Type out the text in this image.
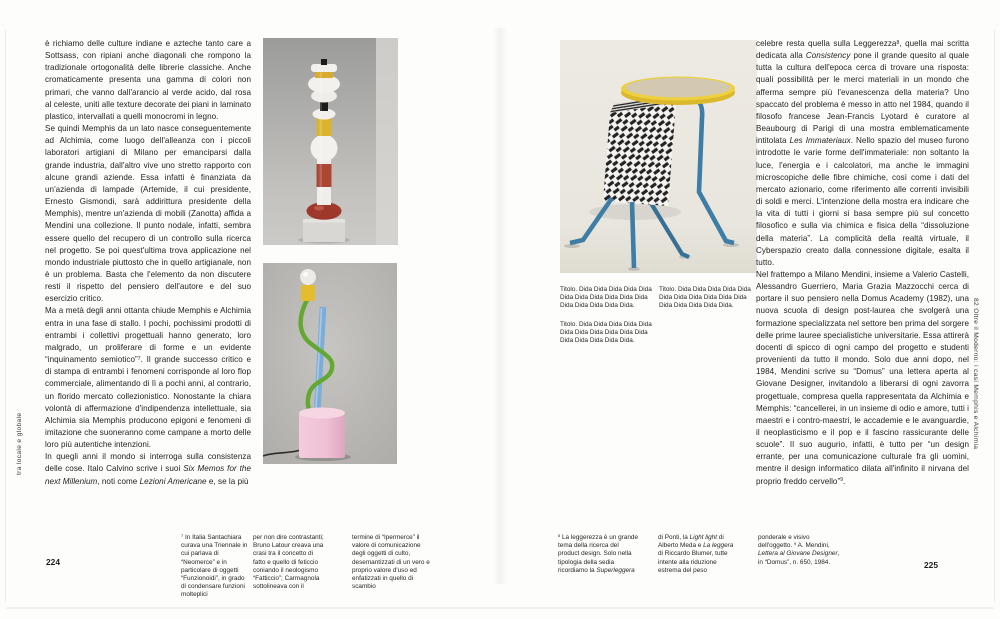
tra locale e globale

è richiamo delle culture indiane e azteche tanto care a Sottsass, con ripiani anche diagonali che rompono la tradizionale ortogonalità delle librerie classiche. Anche cromaticamente presenta una gamma di colori non primari, che vanno dall'arancio al verde acido, dal rosa al celeste, uniti alle texture decorate dei piani in laminato plastico, intervallati a quelli monocromi in legno.

Se quindi Memphis da un lato nasce conseguentemente ad Alchimia, come luogo dell'alleanza con i piccoli laboratori artigiani di Milano per emanciparsi dalla grande industria, dall'altro vive uno stretto rapporto con alcune grandi aziende. Essa infatti è finanziata da un'azienda di lampade (Artemide, il cui presidente, Ernesto Gismondi, sarà addirittura presidente della Memphis), mentre un'azienda di mobili (Zanotta) affida a Mendini una collezione. Il punto nodale, infatti, sembra essere quello del recupero di un controllo sulla ricerca nel progetto. Se poi quest'ultima trova applicazione nel mondo industriale piuttosto che in quello artigianale, non è un problema. Basta che l'elemento da non discutere resti il rispetto del pensiero dell'autore e del suo esercizio critico.

Ma a metà degli anni ottanta chiude Memphis e Alchimia entra in una fase di stallo. I pochi, pochissimi prodotti di entrambi i collettivi progettuali hanno generato, loro malgrado, un proliferare di forme e un evidente “inquinamento semiotico”$^7$. Il grande successo critico e di stampa di entrambi i fenomeni corrisponde al loro flop commerciale, alimentando di lì a pochi anni, al contrario, un florido mercato collezionistico. Nonostante la chiara volontà di affermazione d'indipendenza intellettuale, sia Alchimia sia Memphis producono epigoni e fenomeni di imitazione che suoneranno come campane a morto delle loro più autentiche intenzioni.

In quegli anni il mondo si interroga sulla consistenza delle cose. Italo Calvino scrive i suoi Six Memos for the next Millenium, noti come Lezioni Americane e, se la più

$^7$ In Italia Santachiara curava una Triennale in cui parlava di “Neomerce” e in particolare di oggetti “Funzionoidi”, in grado di condensare funzioni molteplici
per non dire contrastanti; Bruno Latour creava una crasi tra il concetto di fatto e quello di feticcio coniando il neologismo “Fatticcio”; Carmagnola sottolineava con il
termine di “Ipermerce” il valore di comunicazione degli oggetti di culto, desemantizzati di un vero e proprio valore d'uso ed enfatizzati in quello di scambio
224
Titolo. Dida Dida Dida Dida Dida Dida Dida Dida Dida Dida Dida Dida Dida Dida Dida Dida.
Titolo. Dida Dida Dida Dida Dida Dida Dida Dida Dida Dida Dida Dida Dida Dida Dida Dida.
Titolo. Dida Dida Dida Dida Dida Dida Dida Dida Dida Dida Dida Dida Dida Dida Dida Dida.

celebre resta quella sulla Leggerezza$^8$, quella mai scritta dedicata alla Consistency pone il grande quesito al quale tutta la cultura dell'epoca cerca di trovare una risposta: quali possibilità per le merci materiali in un mondo che afferma sempre più l'evanescenza della materia? Uno spaccato del problema è messo in atto nel 1984, quando il filosofo francese Jean-Francis Lyotard è curatore al Beaubourg di Parigi di una mostra emblematicamente intitolata Les Immateriaux. Nello spazio del museo furono introdotte le varie forme dell'immateriale: non soltanto la luce, l'energia e i calcolatori, ma anche le immagini microscopiche delle fibre chimiche, così come i dati del mercato azionario, come riferimento alle correnti invisibili di soldi e merci. L'intenzione della mostra era indicare che la vita di tutti i giorni si basa sempre più sul concetto filosofico e sulla via chimica e fisica della “dissoluzione della materia”. La complicità della realtà virtuale, il Cyberspazio creato dalla connessione digitale, esalta il tutto.

Nel frattempo a Milano Mendini, insieme a Valerio Castelli, Alessandro Guerriero, Maria Grazia Mazzocchi cerca di portare il suo pensiero nella Domus Academy (1982), una nuova scuola di design post-laurea che svolgerà una formazione specializzata nel settore ben prima del sorgere delle prime lauree specialistiche universitarie. Essa attirerà docenti di spicco di ogni campo del progetto e studenti provenienti da tutto il mondo. Solo due anni dopo, nel 1984, Mendini scrive su “Domus” una lettera aperta al Giovane Designer, invitandolo a liberarsi di ogni zavorra progettuale, compresa quella rappresentata da Alchimia e Memphis: “cancellerei, in un insieme di odio e amore, tutti i maestri e i contro-maestri, le accademie e le avanguardie, il neoplasticismo e il pop e il fascino rassicurante delle scuole”. Il suo augurio, infatti, è tutto per “un design errante, per una comunicazione culturale fra gli uomini, mentre il design informatico dilata all'infinito il nirvana del proprio freddo cervello”$^9$.

$^8$ La leggerezza è un grande tema della ricerca del product design. Solo nella tipologia della sedia ricordiamo la Superleggera
di Ponti, la Light light di Alberto Meda e La leggera di Riccardo Blumer, tutte intente alla riduzione estrema del peso
ponderale e visivo dell'oggetto. $^9$ A. Mendini, Lettera al Giovane Designer, in “Domus”, n. 650, 1984.	225
82 Oltre il Moderno: i casi Memphis e Alchimia
